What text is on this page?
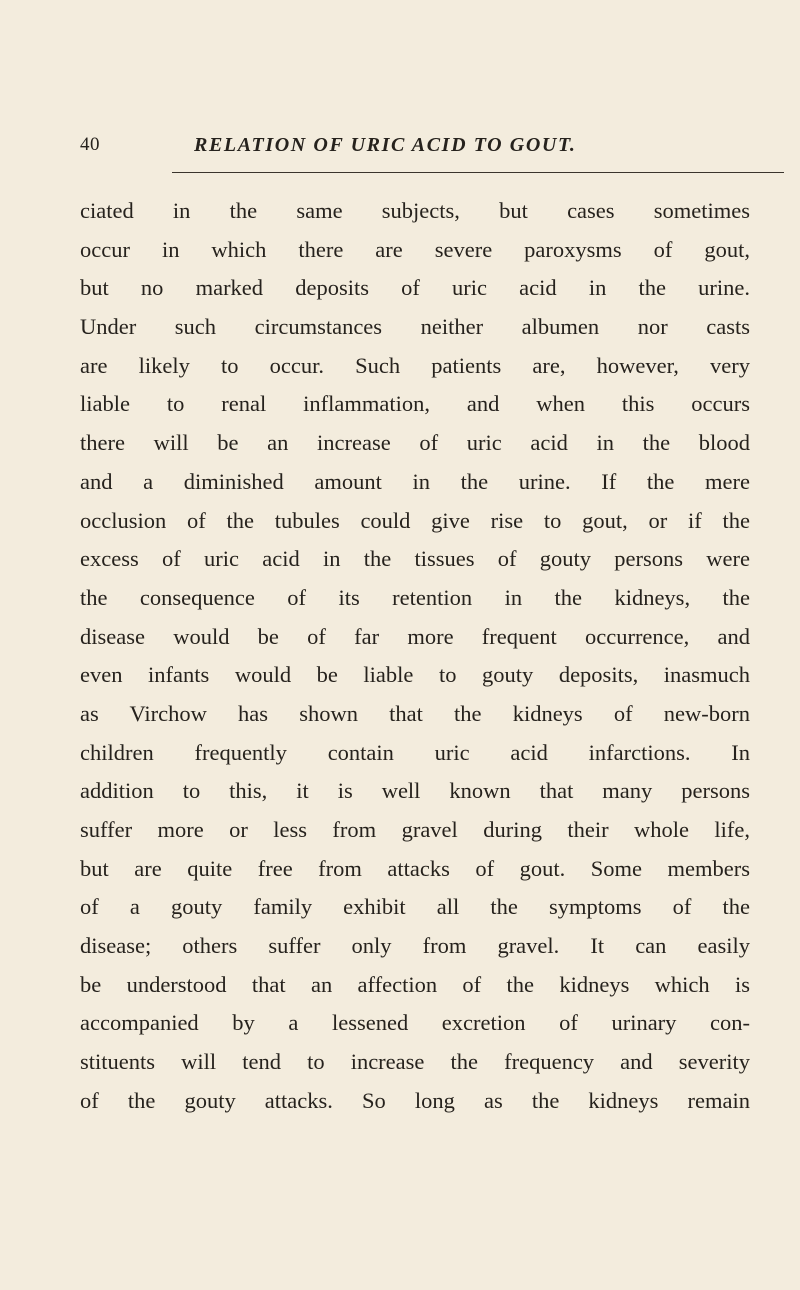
40	RELATION OF URIC ACID TO GOUT.
ciated in the same subjects, but cases sometimes
occur in which there are severe paroxysms of gout,
but no marked deposits of uric acid in the urine.
Under such circumstances neither albumen nor casts
are likely to occur. Such patients are, however, very
liable to renal inflammation, and when this occurs
there will be an increase of uric acid in the blood
and a diminished amount in the urine. If the mere
occlusion of the tubules could give rise to gout, or if the
excess of uric acid in the tissues of gouty persons were
the consequence of its retention in the kidneys, the
disease would be of far more frequent occurrence, and
even infants would be liable to gouty deposits, inasmuch
as Virchow has shown that the kidneys of new-born
children frequently contain uric acid infarctions. In
addition to this, it is well known that many persons
suffer more or less from gravel during their whole life,
but are quite free from attacks of gout. Some members
of a gouty family exhibit all the symptoms of the
disease; others suffer only from gravel. It can easily
be understood that an affection of the kidneys which is
accompanied by a lessened excretion of urinary con-
stituents will tend to increase the frequency and severity
of the gouty attacks. So long as the kidneys remain
